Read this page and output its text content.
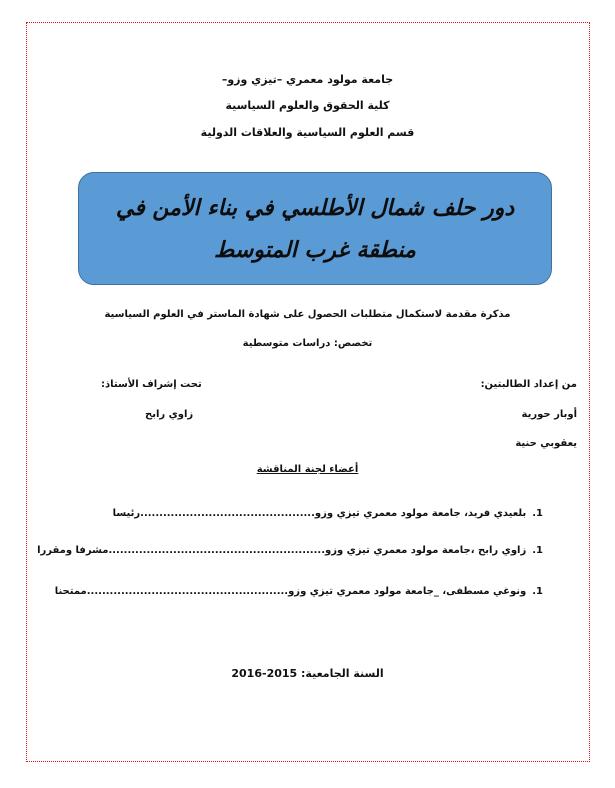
جامعة مولود معمري –تيزي وزو–
كلية الحقوق والعلوم السياسية
قسم العلوم السياسية والعلاقات الدولية
دور حلف شمال الأطلسي في بناء الأمن في منطقة غرب المتوسط
مذكرة مقدمة لاستكمال متطلبات الحصول على شهادة الماستر في العلوم السياسية
تخصص: دراسات متوسطية
من إعداد الطالبتين:
تحت إشراف الأستاذ:
أوبار حورية
زاوي رابح
يعقوبي حنية
أعضاء لجنة المناقشة
1.بلعيدي فريد، جامعة مولود معمري تيزي وزو..............................................رئيسا
1.زاوي رابح ،جامعة مولود معمري تيزي وزو.........................................................مشرفا ومقررا
1.ونوغي مسطفى، _جامعة مولود معمري تيزي وزو.....................................................ممتحنا
السنة الجامعية: 2015-2016
